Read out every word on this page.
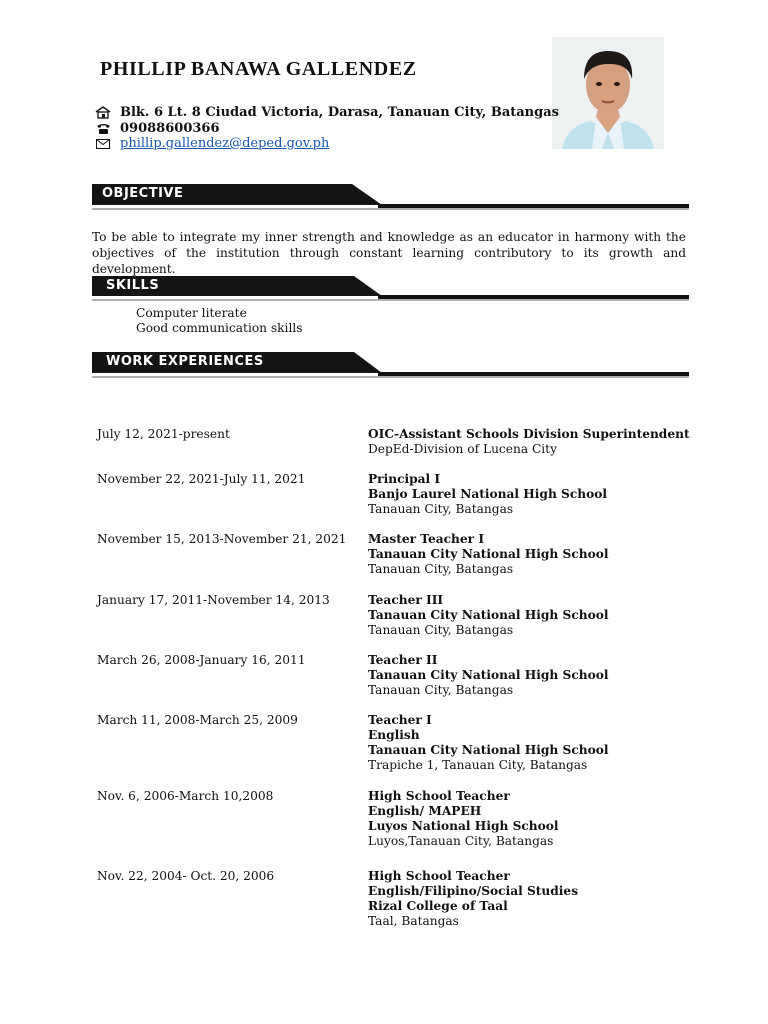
PHILLIP BANAWA GALLENDEZ
Blk. 6 Lt. 8 Ciudad Victoria, Darasa, Tanauan City, Batangas
09088600366
phillip.gallendez@deped.gov.ph
OBJECTIVE
To be able to integrate my inner strength and knowledge as an educator in harmony with the objectives of the institution through constant learning contributory to its growth and development.
SKILLS
Computer literate
Good communication skills
WORK EXPERIENCES
July 12, 2021-present	OIC-Assistant Schools Division Superintendent
DepEd-Division of Lucena City
November 22, 2021-July 11, 2021	Principal I
Banjo Laurel National High School
Tanauan City, Batangas
November 15, 2013-November 21, 2021 Master Teacher I
Tanauan City National High School
Tanauan City, Batangas
January 17, 2011-November 14, 2013	Teacher III
Tanauan City National High School
Tanauan City, Batangas
March 26, 2008-January 16, 2011	Teacher II
Tanauan City National High School
Tanauan City, Batangas
March 11, 2008-March 25, 2009	Teacher I
English
Tanauan City National High School
Trapiche 1, Tanauan City, Batangas
Nov. 6, 2006-March 10,2008	High School Teacher
English/ MAPEH
Luyos National High School
Luyos,Tanauan City, Batangas
Nov. 22, 2004- Oct. 20, 2006	High School Teacher
English/Filipino/Social Studies
Rizal College of Taal
Taal, Batangas
